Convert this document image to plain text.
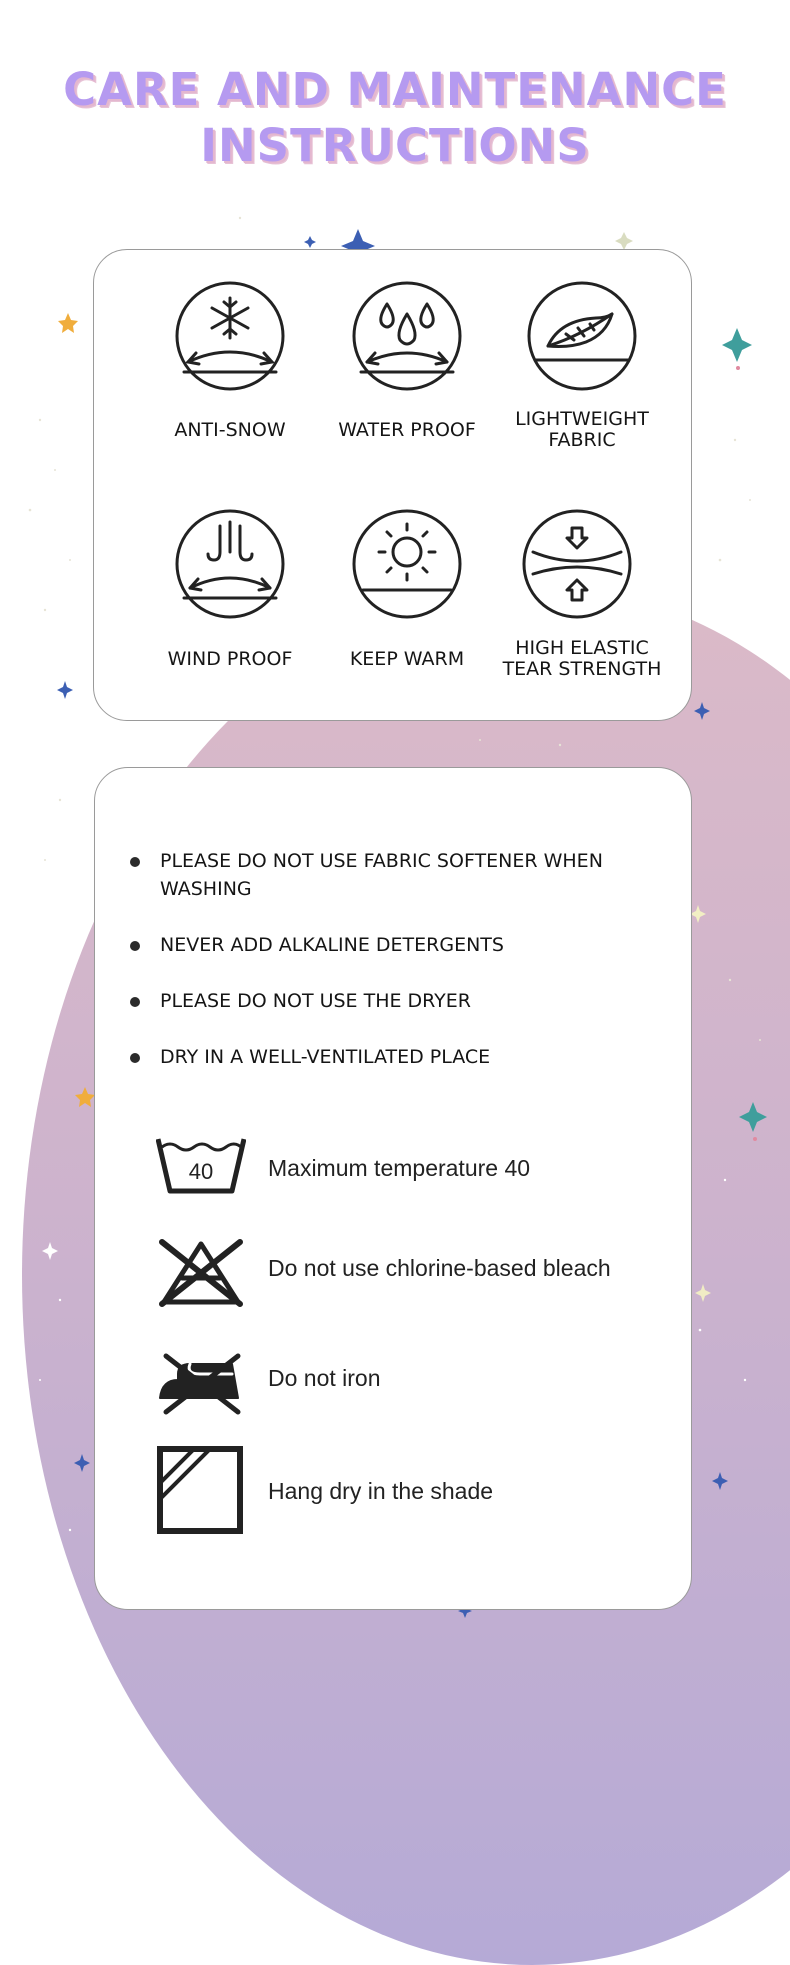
CARE AND MAINTENANCE
INSTRUCTIONS
ANTI-SNOW	WATER PROOF	LIGHTWEIGHT
FABRIC
WIND PROOF	KEEP WARM	HIGH ELASTIC
TEAR STRENGTH
PLEASE DO NOT USE FABRIC SOFTENER WHEN WASHING
NEVER ADD ALKALINE DETERGENTS
PLEASE DO NOT USE THE DRYER
DRY IN A WELL-VENTILATED PLACE
40 Maximum temperature 40
Do not use chlorine-based bleach
Do not iron
Hang dry in the shade
